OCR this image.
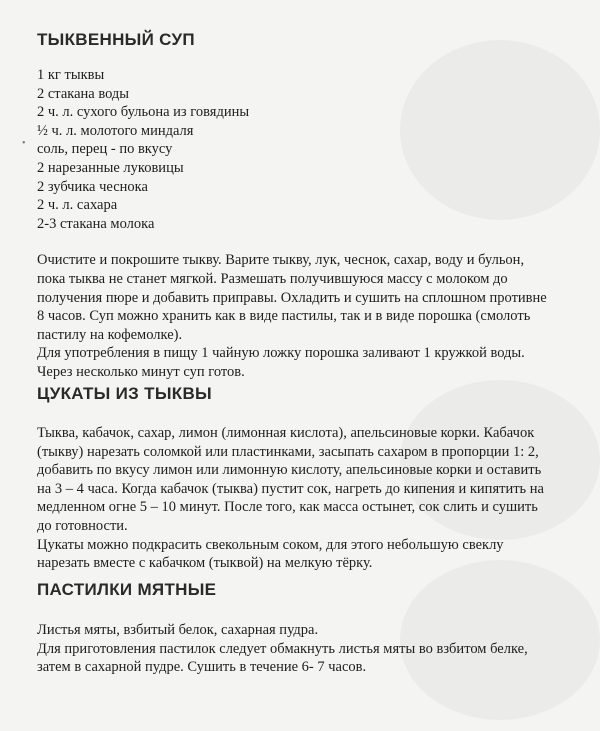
•
ТЫКВЕННЫЙ СУП
1 кг тыквы
2 стакана воды
2 ч. л. сухого бульона из говядины
½ ч. л. молотого миндаля
соль, перец - по вкусу
2 нарезанные луковицы
2 зубчика чеснока
2 ч. л. сахара
2-3 стакана молока

Очистите и покрошите тыкву. Варите тыкву, лук, чеснок, сахар, воду и бульон,
пока тыква не станет мягкой. Размешать получившуюся массу с молоком до
получения пюре и добавить приправы. Охладить и сушить на сплошном противне
8 часов. Суп можно хранить как в виде пастилы, так и в виде порошка (смолоть
пастилу на кофемолке).
Для употребления в пищу 1 чайную ложку порошка заливают 1 кружкой воды.
Через несколько минут суп готов.

ЦУКАТЫ ИЗ ТЫКВЫ

Тыква, кабачок, сахар, лимон (лимонная кислота), апельсиновые корки. Кабачок
(тыкву) нарезать соломкой или пластинками, засыпать сахаром в пропорции 1: 2,
добавить по вкусу лимон или лимонную кислоту, апельсиновые корки и оставить
на 3 – 4 часа. Когда кабачок (тыква) пустит сок, нагреть до кипения и кипятить на
медленном огне 5 – 10 минут. После того, как масса остынет, сок слить и сушить
до готовности.
Цукаты можно подкрасить свекольным соком, для этого небольшую свеклу
нарезать вместе с кабачком (тыквой) на мелкую тёрку.

ПАСТИЛКИ МЯТНЫЕ

Листья мяты, взбитый белок, сахарная пудра.
Для приготовления пастилок следует обмакнуть листья мяты во взбитом белке,
затем в сахарной пудре. Сушить в течение 6- 7 часов.
